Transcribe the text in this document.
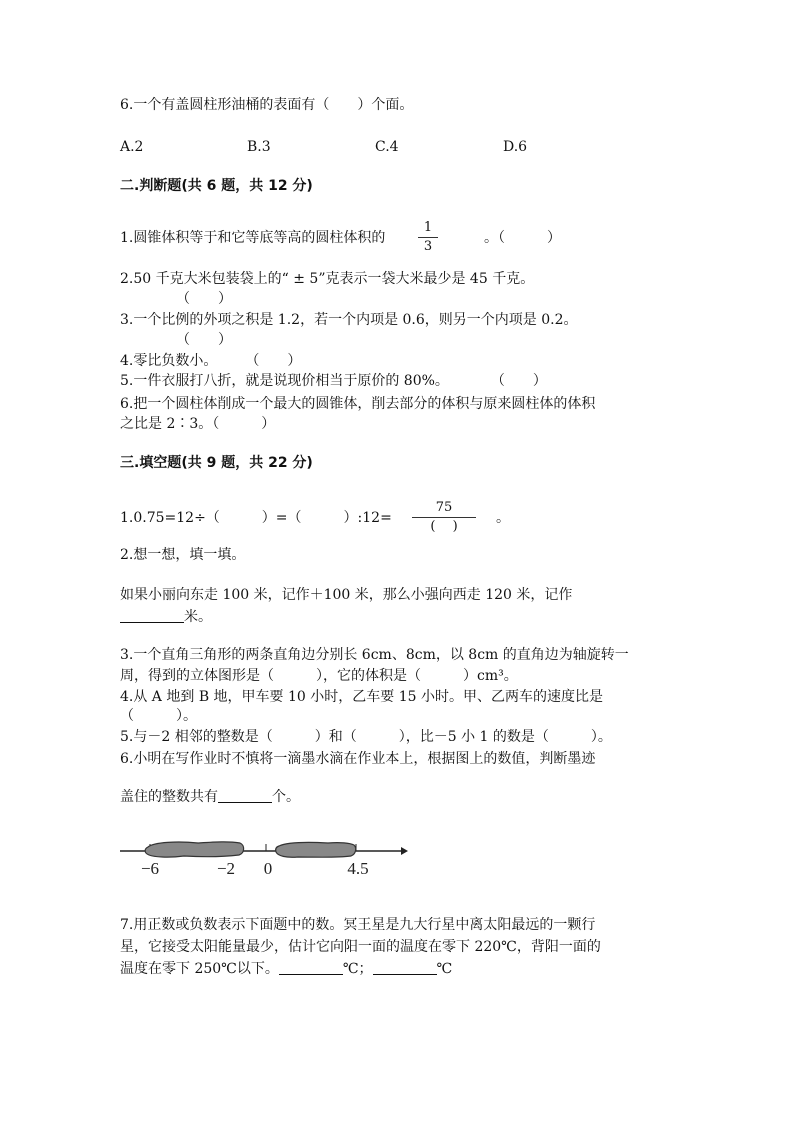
6.一个有盖圆柱形油桶的表面有（　　）个面。
A.2	B.3	C.4	D.6
二.判断题(共 6 题，共 12 分)
1.圆锥体积等于和它等底等高的圆柱体积的
1
3
。（　　　）
2.50 千克大米包装袋上的“ ± 5”克表示一袋大米最少是 45 千克。
（　　）
3.一个比例的外项之积是 1.2，若一个内项是 0.6，则另一个内项是 0.2。
（　　）
4.零比负数小。　　　（　　）
5.一件衣服打八折，就是说现价相当于原价的 80%。　　　　（　　）
6.把一个圆柱体削成一个最大的圆锥体，削去部分的体积与原来圆柱体的体积
之比是 2∶3。（　　　）
三.填空题(共 9 题，共 22 分)
1.0.75=12÷（　　　）=（　　　）:12=
75
(　 )
。
2.想一想，填一填。
如果小丽向东走 100 米，记作＋100 米，那么小强向西走 120 米，记作
米。
3.一个直角三角形的两条直角边分别长 6cm、8cm，以 8cm 的直角边为轴旋转一
周，得到的立体图形是（　　　），它的体积是（　　　）cm³。
4.从 A 地到 B 地，甲车要 10 小时，乙车要 15 小时。甲、乙两车的速度比是
（　　　）。
5.与－2 相邻的整数是（　　　）和（　　　），比－5 小 1 的数是（　　　）。
6.小明在写作业时不慎将一滴墨水滴在作业本上，根据图上的数值，判断墨迹
盖住的整数共有	个。
−6	−2 0	4.5
7.用正数或负数表示下面题中的数。冥王星是九大行星中离太阳最远的一颗行
星，它接受太阳能量最少，估计它向阳一面的温度在零下 220℃，背阳一面的
温度在零下 250℃以下。	℃；	℃
